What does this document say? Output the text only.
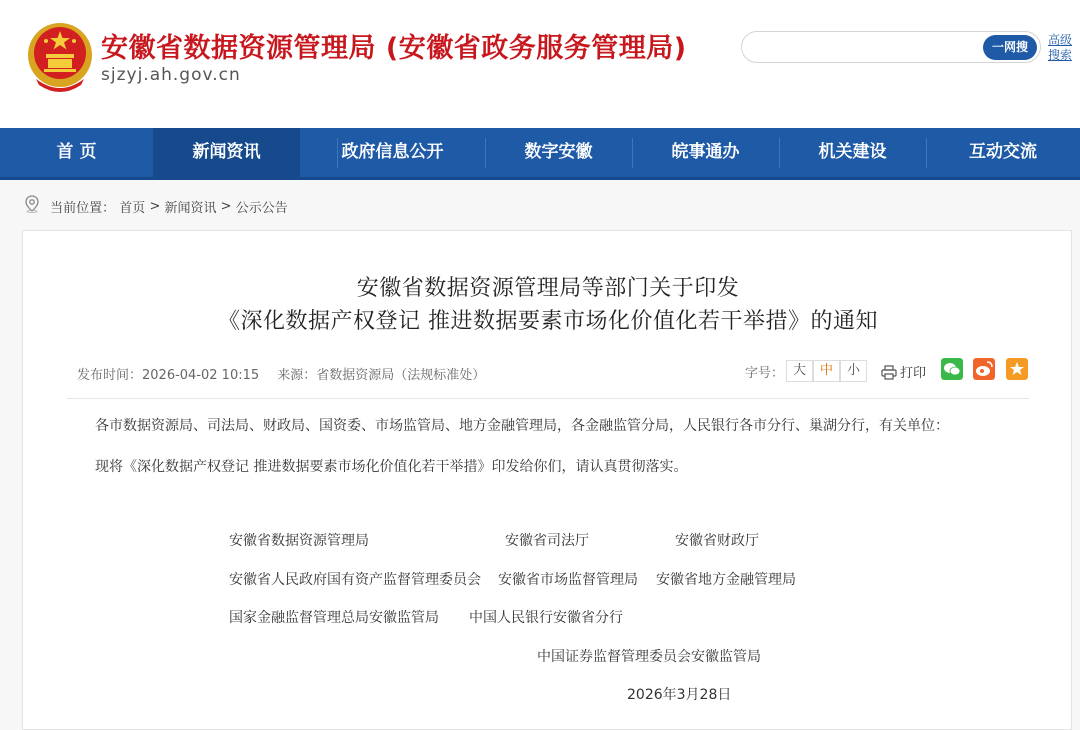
安徽省数据资源管理局 (安徽省政务服务管理局)
sjzyj.ah.gov.cn
一网搜	高级搜索
首 页	新闻资讯	政府信息公开	数字安徽	皖事通办	机关建设	互动交流
当前位置： 首页 > 新闻资讯 > 公示公告
安徽省数据资源管理局等部门关于印发
《深化数据产权登记 推进数据要素市场化价值化若干举措》的通知
发布时间：2026-04-02 10:15 来源：省数据资源局（法规标准处）	字号： 大	中	小	打印
各市数据资源局、司法局、财政局、国资委、市场监管局、地方金融管理局，各金融监管分局，人民银行各市分行、巢湖分行，有关单位：
现将《深化数据产权登记 推进数据要素市场化价值化若干举措》印发给你们，请认真贯彻落实。
安徽省数据资源管理局	安徽省司法厅	安徽省财政厅
安徽省人民政府国有资产监督管理委员会 安徽省市场监督管理局 安徽省地方金融管理局
国家金融监督管理总局安徽监管局 中国人民银行安徽省分行
中国证券监督管理委员会安徽监管局
2026年3月28日
